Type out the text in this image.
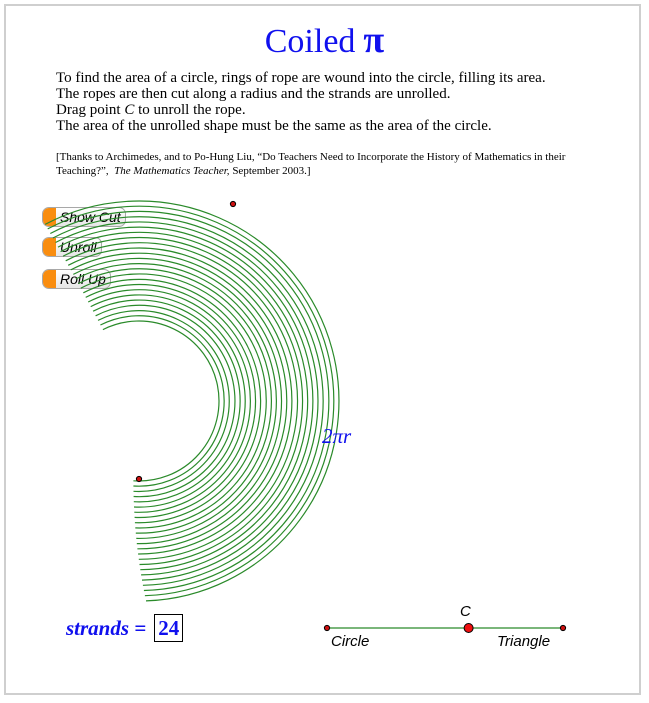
Coiled π

To find the area of a circle, rings of rope are wound into the circle, filling its area.

The ropes are then cut along a radius and the strands are unrolled.

Drag point C to unroll the rope.

The area of the unrolled shape must be the same as the area of the circle.

[Thanks to Archimedes, and to Po-Hung Liu, “Do Teachers Need to Incorporate the History of Mathematics in their Teaching?”, The Mathematics Teacher, September 2003.]
Show Cut
Unroll
Roll Up
2πr
strands = 24
C
Circle	Triangle
